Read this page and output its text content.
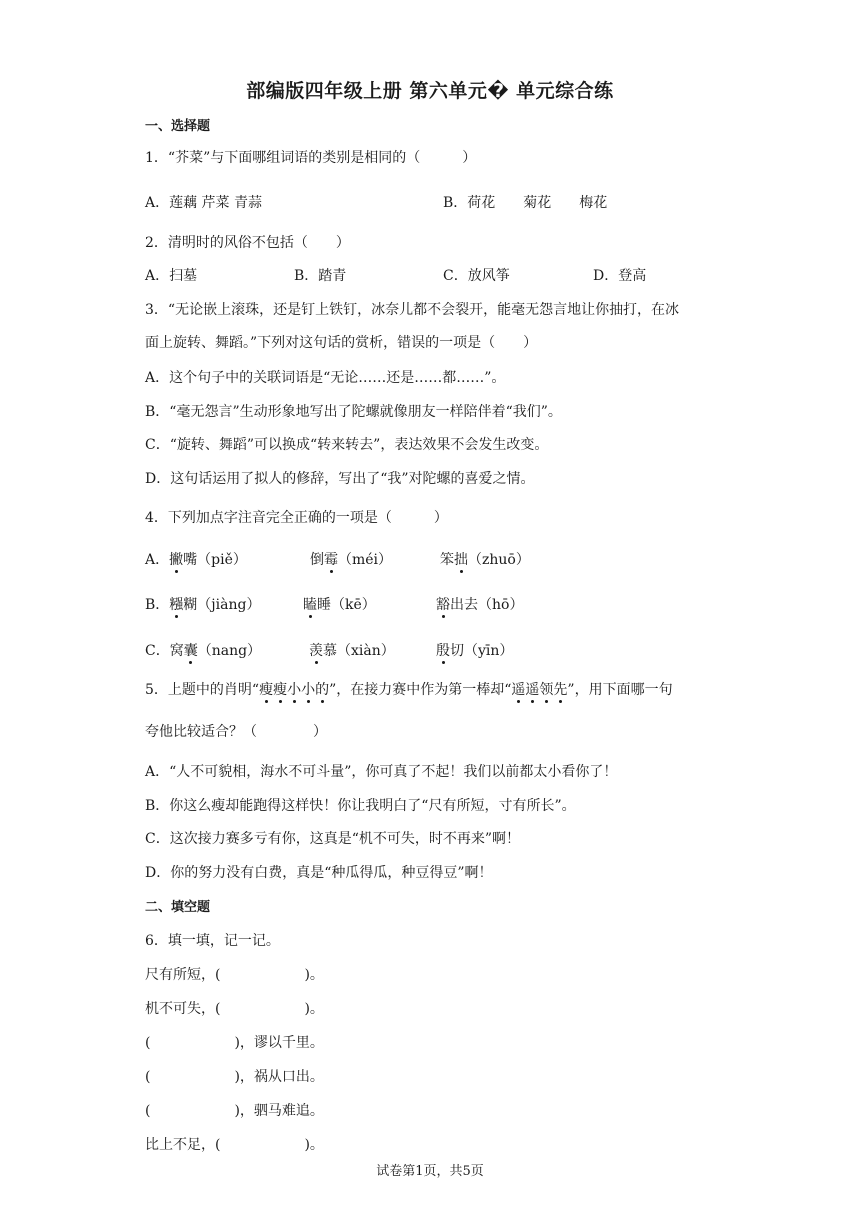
部编版四年级上册 第六单元� 单元综合练
一、选择题
1．“芥菜”与下面哪组词语的类别是相同的（　　　）
A．莲藕 芹菜 青蒜	B．荷花　　菊花　　梅花
2．清明时的风俗不包括（　　）
A．扫墓	B．踏青	C．放风筝	D．登高
3．“无论嵌上滚珠，还是钉上铁钉，冰奈儿都不会裂开，能毫无怨言地让你抽打，在冰
面上旋转、舞蹈。”下列对这句话的赏析，错误的一项是（　　）
A．这个句子中的关联词语是“无论……还是……都……”。
B．“毫无怨言”生动形象地写出了陀螺就像朋友一样陪伴着“我们”。
C．“旋转、舞蹈”可以换成“转来转去”，表达效果不会发生改变。
D．这句话运用了拟人的修辞，写出了“我”对陀螺的喜爱之情。
4．下列加点字注音完全正确的一项是（　　　）
A．撇嘴（piě）	倒霉（méi）	笨拙（zhuō）
B．糨糊（jiàng）	瞌睡（kē）	豁出去（hō）
C．窝囊（nang）	羡慕（xiàn）	殷切（yīn）
5．上题中的肖明“瘦瘦小小的”，在接力赛中作为第一棒却“遥遥领先”，用下面哪一句
夸他比较适合？（　　　　）
A．“人不可貌相，海水不可斗量”，你可真了不起！我们以前都太小看你了！
B．你这么瘦却能跑得这样快！你让我明白了“尺有所短，寸有所长”。
C．这次接力赛多亏有你，这真是“机不可失，时不再来”啊！
D．你的努力没有白费，真是“种瓜得瓜，种豆得豆”啊！
二、填空题
6．填一填，记一记。
尺有所短，(　　　　　　)。
机不可失，(　　　　　　)。
(　　　　　　)，谬以千里。
(　　　　　　)，祸从口出。
(　　　　　　)，驷马难追。
比上不足，(　　　　　　)。
试卷第1页，共5页
